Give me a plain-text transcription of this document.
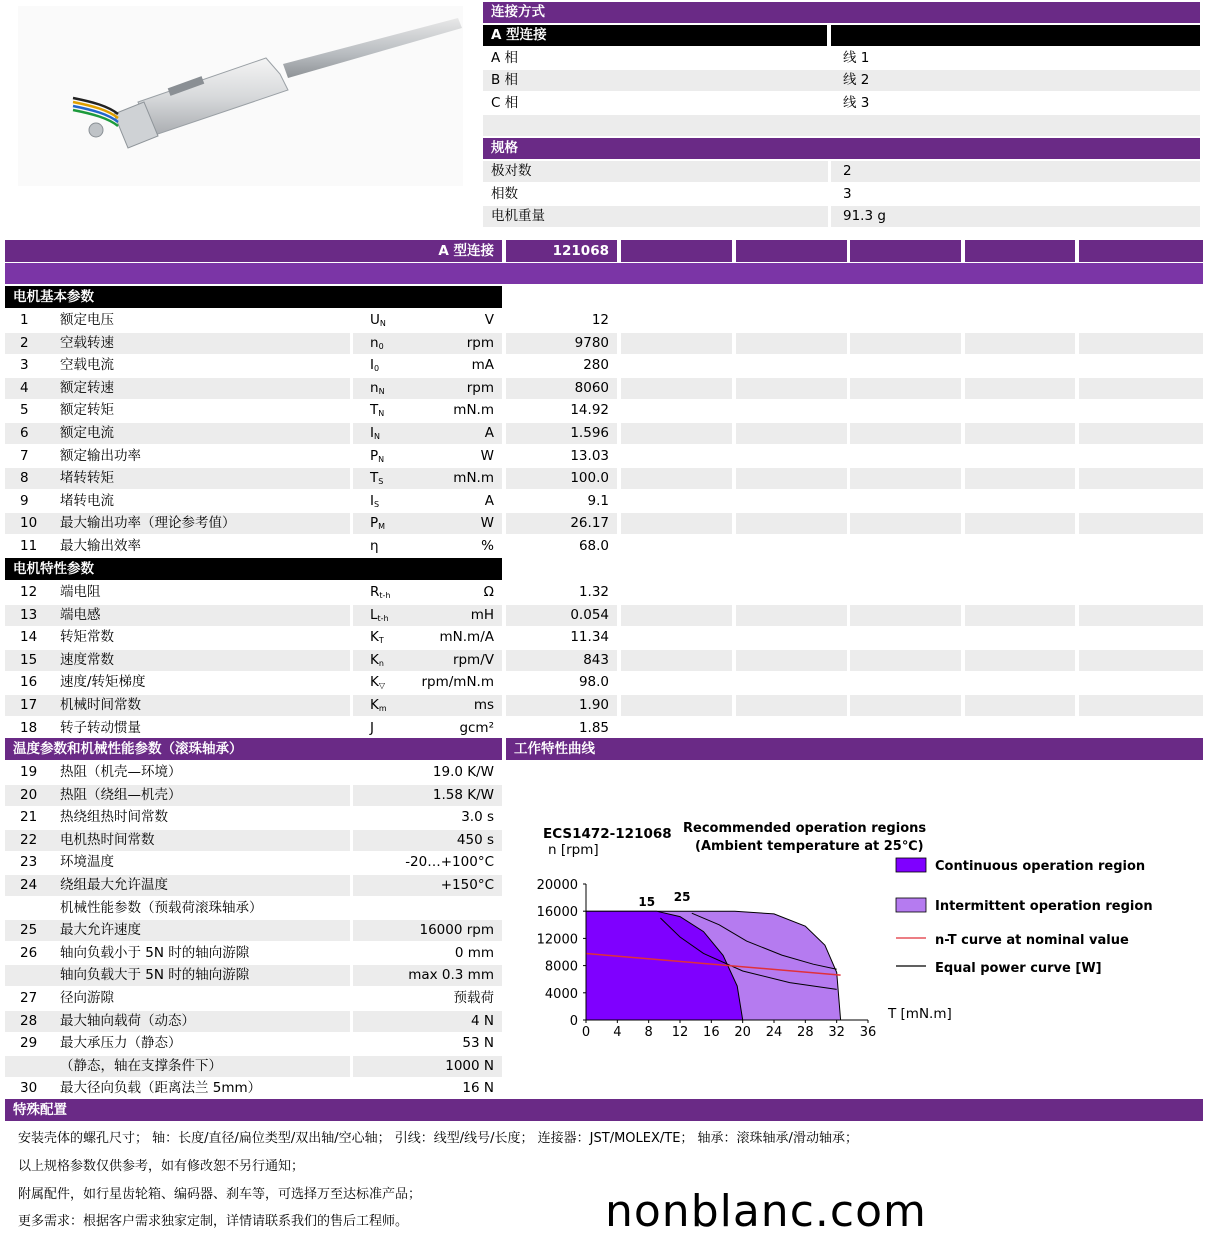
连接方式
A 型连接
A 相	线 1
B 相	线 2
C 相	线 3
规格
极对数	2
相数	3
电机重量	91.3 g
A 型连接	121068
电机基本参数
1	额定电压	$U_N$	V	12
2	空载转速	$n_0$	rpm	9780
3	空载电流	$I_0$	mA	280
4	额定转速	$n_N$	rpm	8060
5	额定转矩	$T_N$	mN.m	14.92
6	额定电流	$I_N$	A	1.596
7	额定输出功率	$P_N$	W	13.03
8	堵转转矩	$T_S$	mN.m	100.0
9	堵转电流	$I_S$	A	9.1
10	最大输出功率（理论参考值）	$P_M$	W	26.17
11	最大输出效率	η	%	68.0
电机特性参数
12	端电阻	$R_{t-h}$	Ω	1.32
13	端电感	$L_{t-h}$	mH	0.054
14	转矩常数	$K_T$	mN.m/A	11.34
15	速度常数	$K_n$	rpm/V	843
16	速度/转矩梯度	$K_▽$	rpm/mN.m	98.0
17	机械时间常数	$K_m$	ms	1.90
18	转子转动惯量	J	gcm²	1.85
温度参数和机械性能参数（滚珠轴承）	工作特性曲线
19	热阻（机壳—环境）	19.0 K/W
20	热阻（绕组—机壳）	1.58 K/W
21	热绕组热时间常数	3.0 s
22	电机热时间常数	450 s
23	环境温度	-20…+100°C
24	绕组最大允许温度	+150°C
机械性能参数（预载荷滚珠轴承）
25	最大允许速度	16000 rpm
26	轴向负载小于 5N 时的轴向游隙	0 mm
轴向负载大于 5N 时的轴向游隙	max 0.3 mm
27	径向游隙	预载荷
28	最大轴向载荷（动态）	4 N
29	最大承压力（静态）	53 N
（静态，轴在支撑条件下）	1000 N
30	最大径向负载（距离法兰 5mm）	16 N
15 25
0 4 8 12 16 20 24 28 32 36
0
4000
8000
12000
16000
20000
ECS1472-121068
n [rpm]
Recommended operation regions
(Ambient temperature at 25℃)
T [mN.m]
Continuous operation region
Intermittent operation region
n-T curve at nominal value
Equal power curve [W]
特殊配置
安装壳体的螺孔尺寸； 轴：长度/直径/扁位类型/双出轴/空心轴； 引线：线型/线号/长度； 连接器：JST/MOLEX/TE； 轴承：滚珠轴承/滑动轴承；
以上规格参数仅供参考，如有修改恕不另行通知；
附属配件，如行星齿轮箱、编码器、刹车等，可选择万至达标准产品；
更多需求：根据客户需求独家定制，详情请联系我们的售后工程师。	nonblanc.com
